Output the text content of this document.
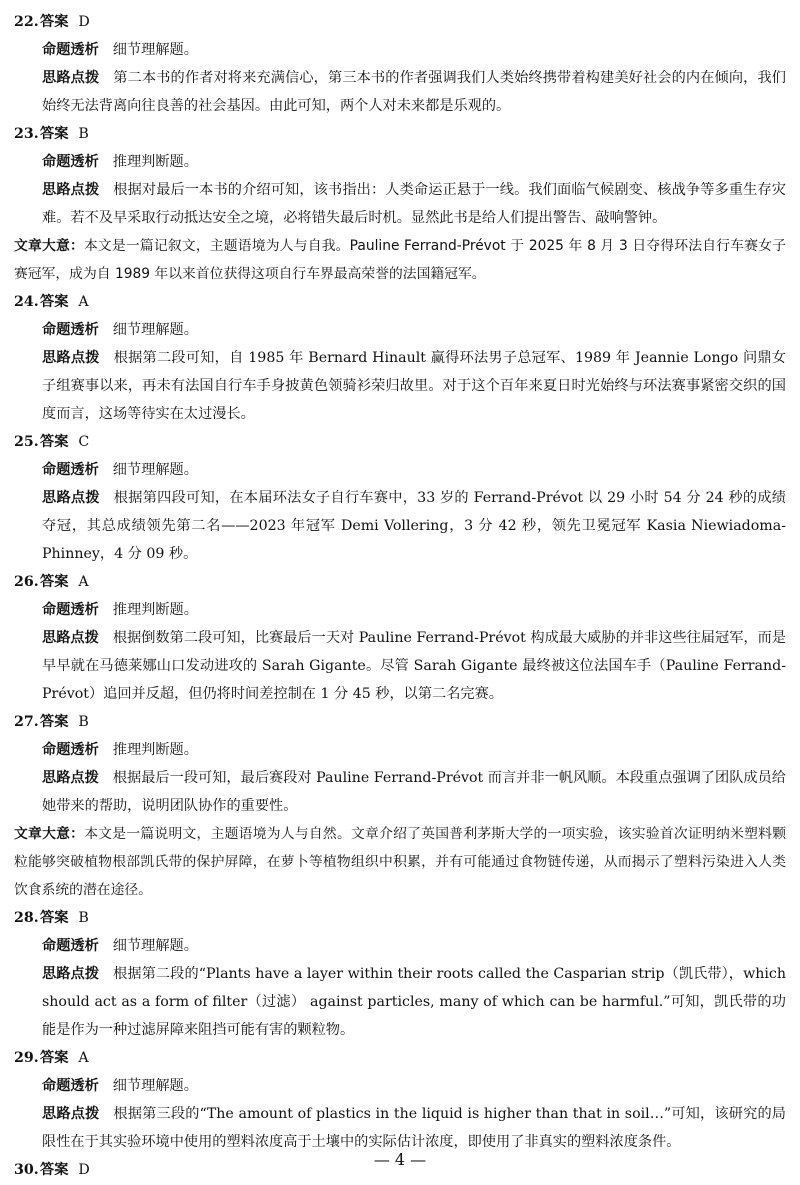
22.答案 D
命题透析 细节理解题。
思路点拨 第二本书的作者对将来充满信心，第三本书的作者强调我们人类始终携带着构建美好社会的内在倾向，我们始终无法背离向往良善的社会基因。由此可知，两个人对未来都是乐观的。
23.答案 B
命题透析 推理判断题。
思路点拨 根据对最后一本书的介绍可知，该书指出：人类命运正悬于一线。我们面临气候剧变、核战争等多重生存灾难。若不及早采取行动抵达安全之境，必将错失最后时机。显然此书是给人们提出警告、敲响警钟。
文章大意：本文是一篇记叙文，主题语境为人与自我。Pauline Ferrand-Prévot 于 2025 年 8 月 3 日夺得环法自行车赛女子赛冠军，成为自 1989 年以来首位获得这项自行车界最高荣誉的法国籍冠军。
24.答案 A
命题透析 细节理解题。
思路点拨 根据第二段可知，自 1985 年 Bernard Hinault 赢得环法男子总冠军、1989 年 Jeannie Longo 问鼎女子组赛事以来，再未有法国自行车手身披黄色领骑衫荣归故里。对于这个百年来夏日时光始终与环法赛事紧密交织的国度而言，这场等待实在太过漫长。
25.答案 C
命题透析 细节理解题。
思路点拨 根据第四段可知，在本届环法女子自行车赛中，33 岁的 Ferrand-Prévot 以 29 小时 54 分 24 秒的成绩夺冠，其总成绩领先第二名——2023 年冠军 Demi Vollering，3 分 42 秒，领先卫冕冠军 Kasia Niewiadoma-Phinney，4 分 09 秒。
26.答案 A
命题透析 推理判断题。
思路点拨 根据倒数第二段可知，比赛最后一天对 Pauline Ferrand-Prévot 构成最大威胁的并非这些往届冠军，而是早早就在马德莱娜山口发动进攻的 Sarah Gigante。尽管 Sarah Gigante 最终被这位法国车手（Pauline Ferrand-Prévot）追回并反超，但仍将时间差控制在 1 分 45 秒，以第二名完赛。
27.答案 B
命题透析 推理判断题。
思路点拨 根据最后一段可知，最后赛段对 Pauline Ferrand-Prévot 而言并非一帆风顺。本段重点强调了团队成员给她带来的帮助，说明团队协作的重要性。
文章大意：本文是一篇说明文，主题语境为人与自然。文章介绍了英国普利茅斯大学的一项实验，该实验首次证明纳米塑料颗粒能够突破植物根部凯氏带的保护屏障，在萝卜等植物组织中积累，并有可能通过食物链传递，从而揭示了塑料污染进入人类饮食系统的潜在途径。
28.答案 B
命题透析 细节理解题。
思路点拨 根据第二段的“Plants have a layer within their roots called the Casparian strip（凯氏带），which should act as a form of filter（过滤） against particles, many of which can be harmful.”可知，凯氏带的功能是作为一种过滤屏障来阻挡可能有害的颗粒物。
29.答案 A
命题透析 细节理解题。
思路点拨 根据第三段的“The amount of plastics in the liquid is higher than that in soil…”可知，该研究的局限性在于其实验环境中使用的塑料浓度高于土壤中的实际估计浓度，即使用了非真实的塑料浓度条件。
30.答案 D
— 4 —
